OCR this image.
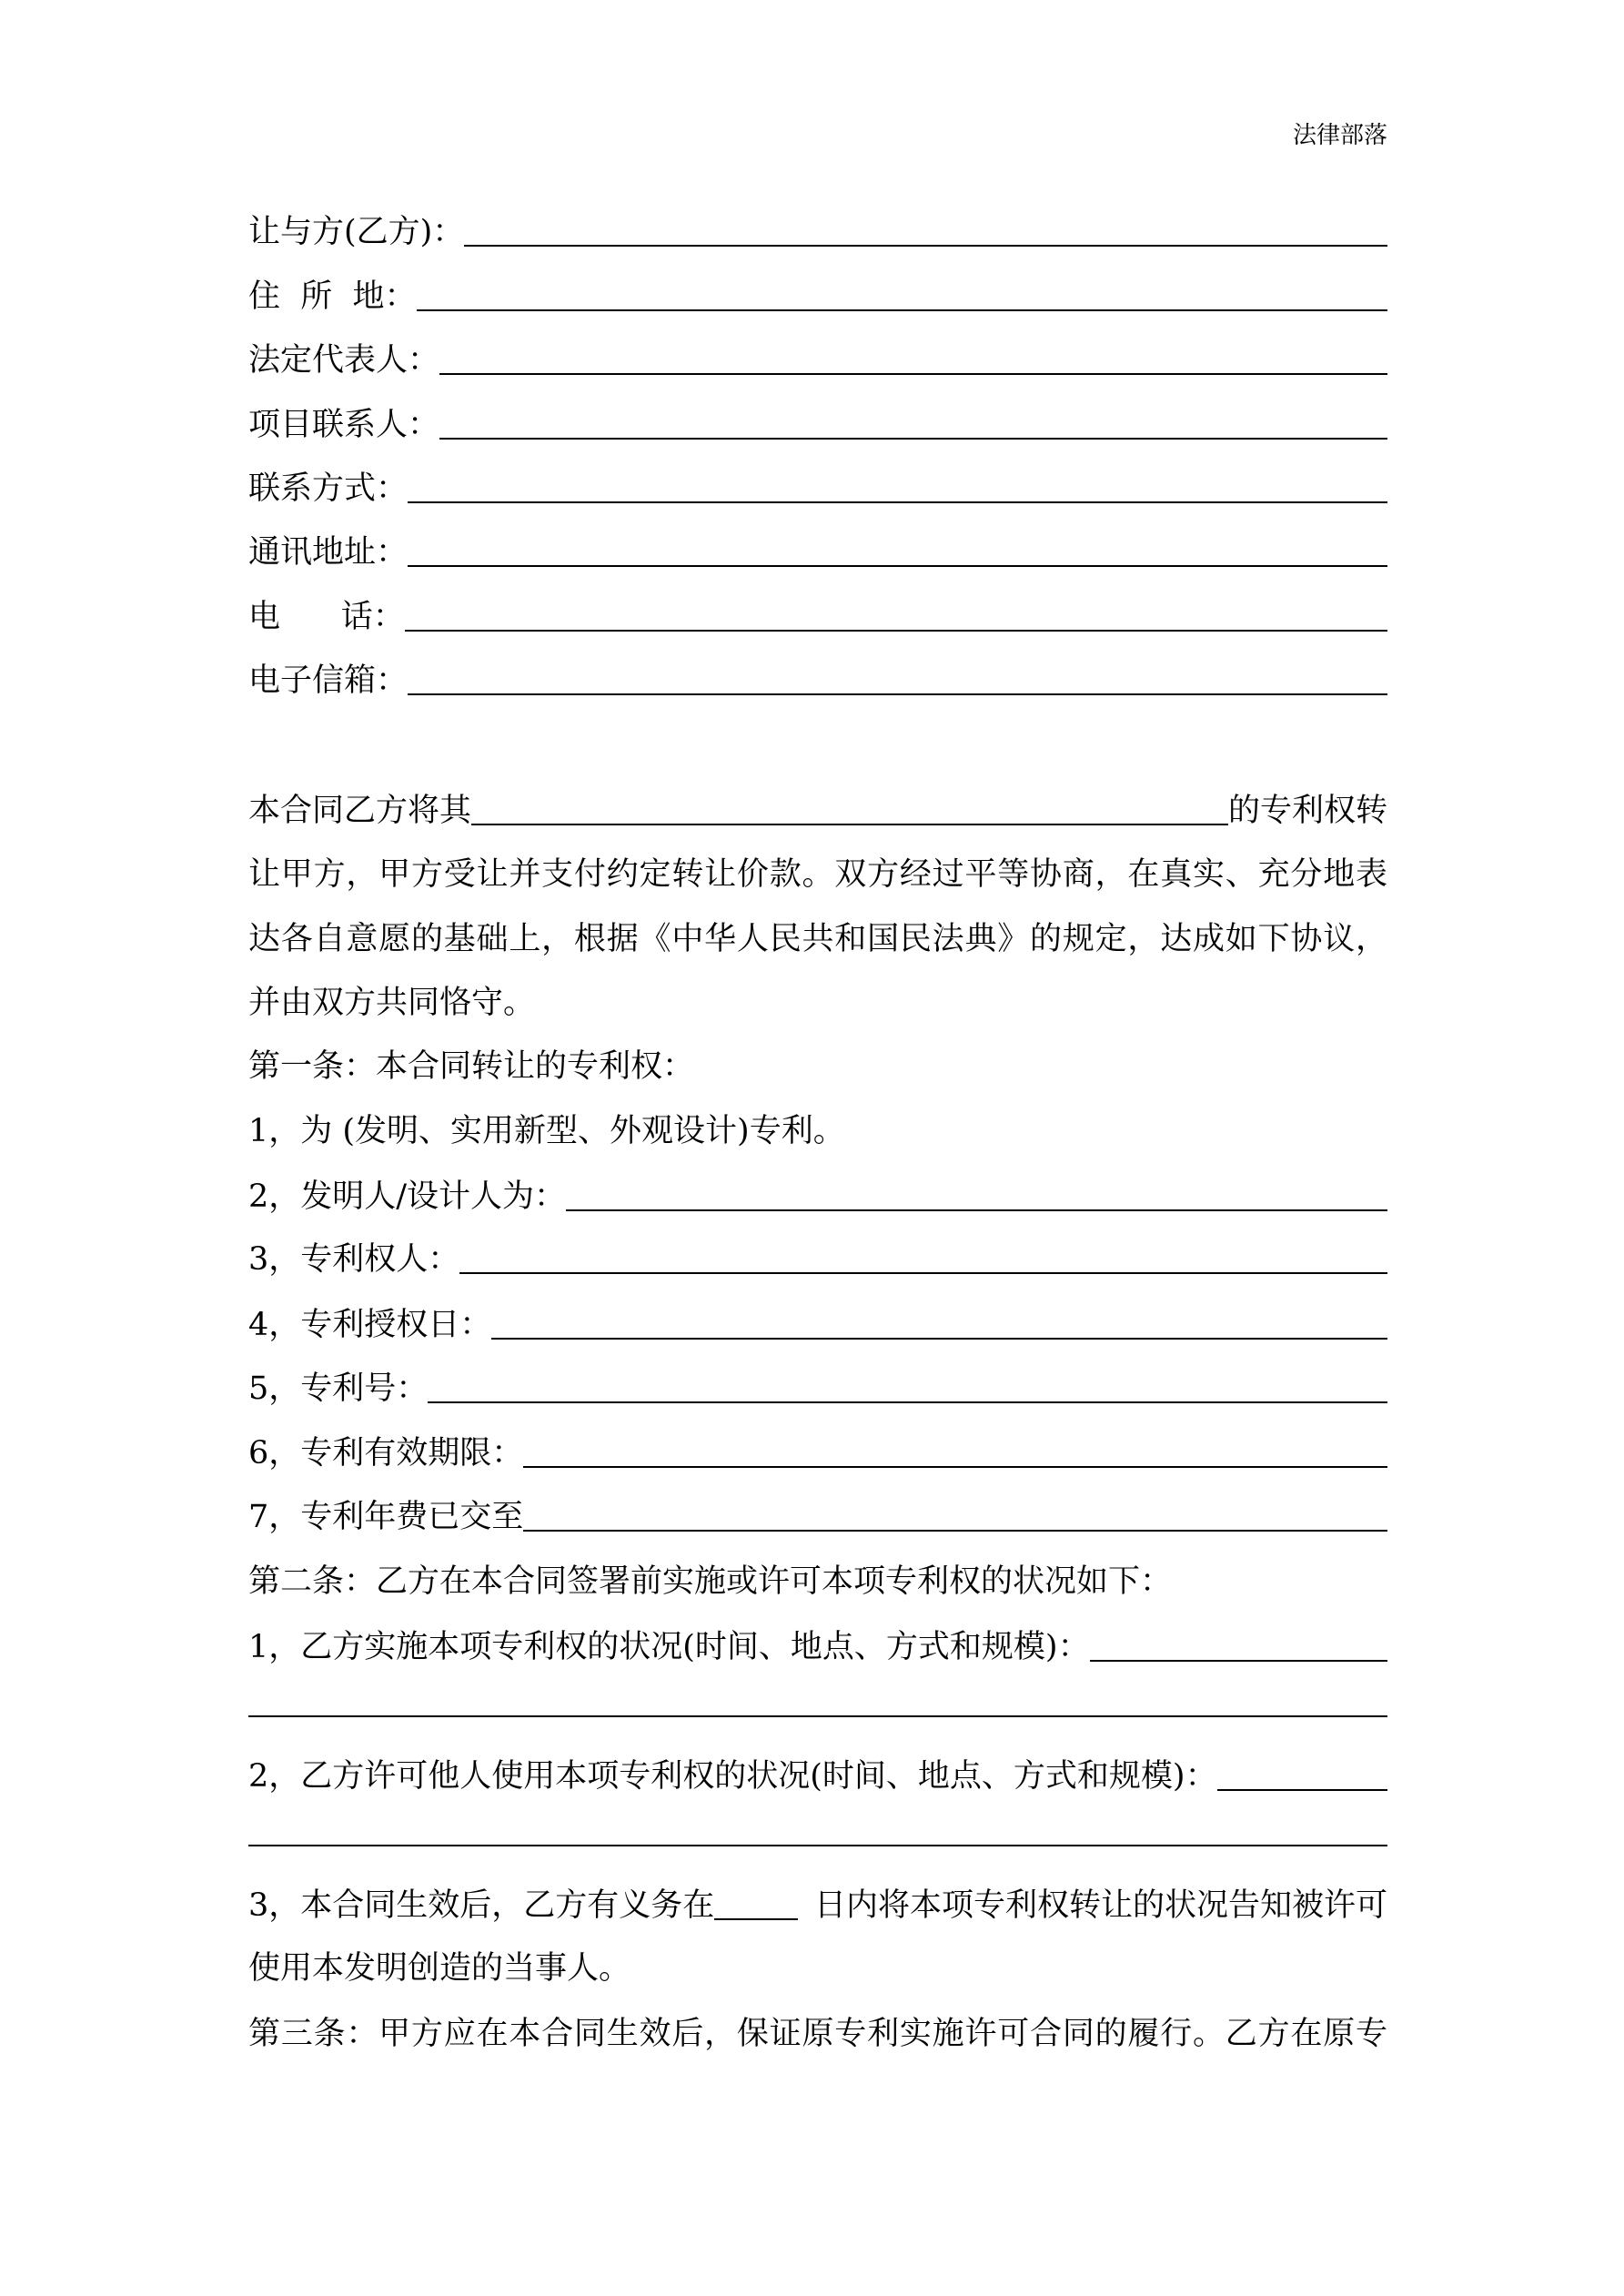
法律部落
让与方(乙方)：
住  所  地：
法定代表人：
项目联系人：
联系方式：
通讯地址：
电      话：
电子信箱：
本合同乙方将其	的专利权转
让甲方，甲方受让并支付约定转让价款。双方经过平等协商，在真实、充分地表
达各自意愿的基础上，根据《中华人民共和国民法典》的规定，达成如下协议，
并由双方共同恪守。
第一条：本合同转让的专利权：
1，为 (发明、实用新型、外观设计)专利。
2，发明人/设计人为：
3，专利权人：
4，专利授权日：
5，专利号：
6，专利有效期限：
7，专利年费已交至
第二条：乙方在本合同签署前实施或许可本项专利权的状况如下：
1，乙方实施本项专利权的状况(时间、地点、方式和规模)：
2，乙方许可他人使用本项专利权的状况(时间、地点、方式和规模)：
3，本合同生效后，乙方有义务在	日内将本项专利权转让的状况告知被许可
使用本发明创造的当事人。
第三条：甲方应在本合同生效后，保证原专利实施许可合同的履行。乙方在原专
